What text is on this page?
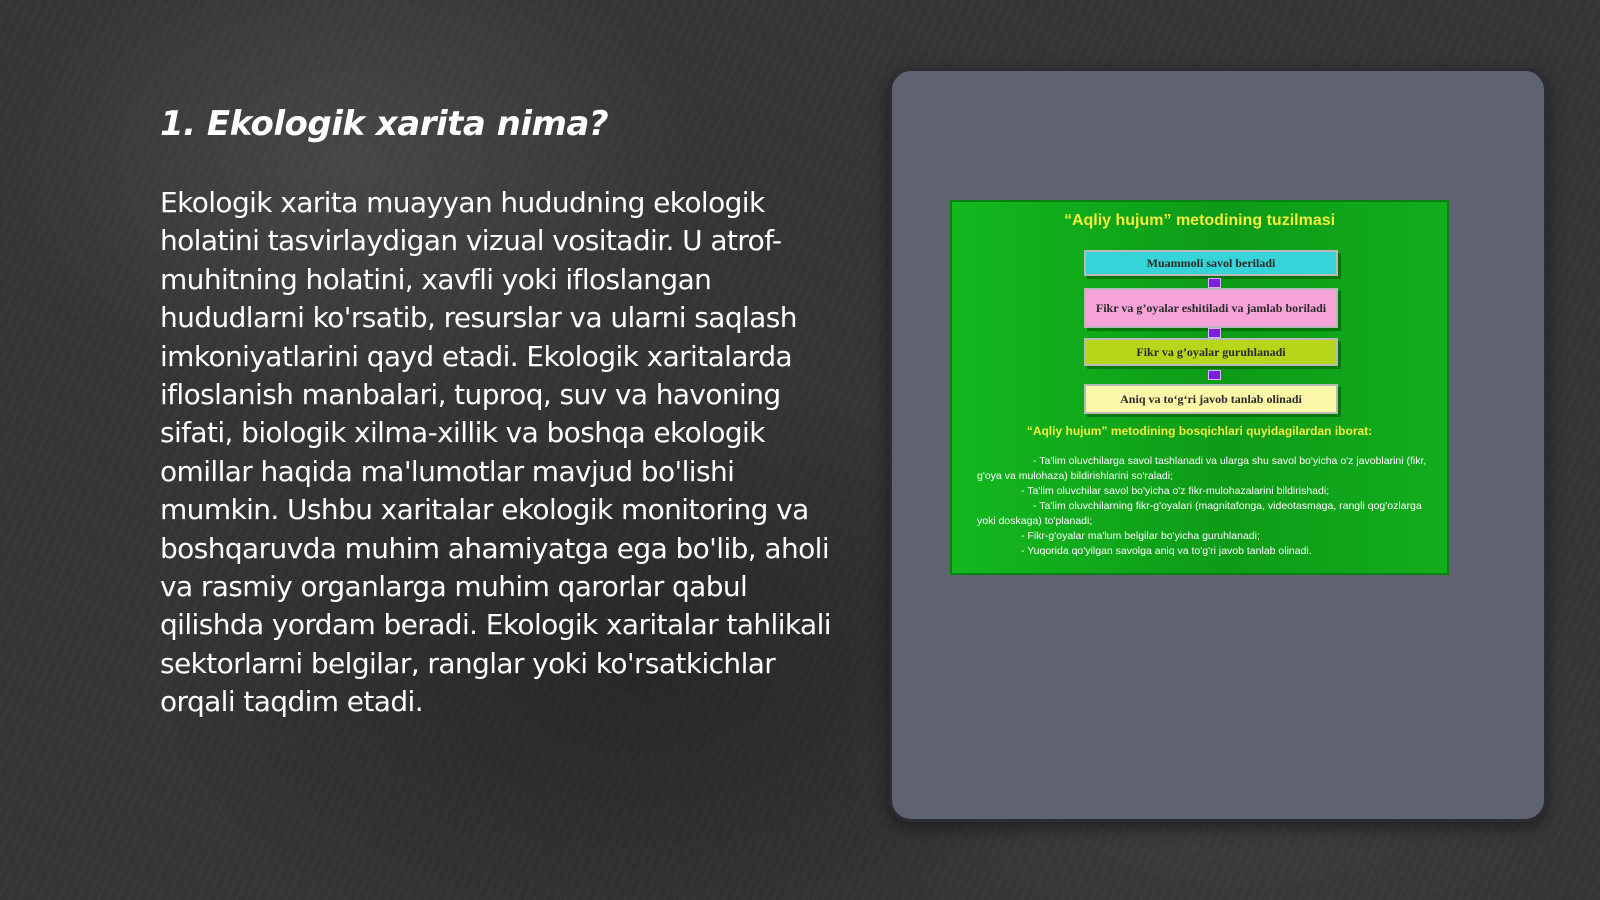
1. Ekologik xarita nima?

Ekologik xarita muayyan hududning ekologik holatini tasvirlaydigan vizual vositadir. U atrof-muhitning holatini, xavfli yoki ifloslangan hududlarni ko'rsatib, resurslar va ularni saqlash imkoniyatlarini qayd etadi. Ekologik xaritalarda ifloslanish manbalari, tuproq, suv va havoning sifati, biologik xilma-xillik va boshqa ekologik omillar haqida ma'lumotlar mavjud bo'lishi mumkin. Ushbu xaritalar ekologik monitoring va boshqaruvda muhim ahamiyatga ega bo'lib, aholi va rasmiy organlarga muhim qarorlar qabul qilishda yordam beradi. Ekologik xaritalar tahlikali sektorlarni belgilar, ranglar yoki ko'rsatkichlar orqali taqdim etadi.

“Aqliy hujum” metodining tuzilmasi
Muammoli savol beriladi
Fikr va g’oyalar eshitiladi va jamlab boriladi
Fikr va g’oyalar guruhlanadi
Aniq va to‘g‘ri javob tanlab olinadi
“Aqliy hujum” metodining bosqichlari quyidagilardan iborat:

- Ta'lim oluvchilarga savol tashlanadi va ularga shu savol bo'yicha o'z javoblarini (fikr, g'oya va mulohaza) bildirishlarini so'raladi;

- Ta'lim oluvchilar savol bo'yicha o'z fikr-mulohazalarini bildirishadi;

- Ta'lim oluvchilarning fikr-g'oyalari (magnitafonga, videotasmaga, rangli qog'ozlarga yoki doskaga) to'planadi;

- Fikr-g'oyalar ma'lum belgilar bo'yicha guruhlanadi;

- Yuqorida qo'yilgan savolga aniq va to'g'ri javob tanlab olinadi.
